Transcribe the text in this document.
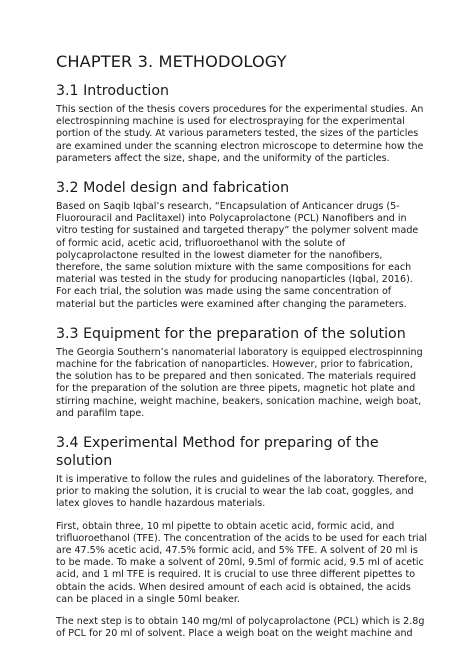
CHAPTER 3. METHODOLOGY
3.1 Introduction

This section of the thesis covers procedures for the experimental studies. An electrospinning machine is used for electrospraying for the experimental portion of the study. At various parameters tested, the sizes of the particles are examined under the scanning electron microscope to determine how the parameters affect the size, shape, and the uniformity of the particles.

3.2 Model design and fabrication

Based on Saqib Iqbal’s research, “Encapsulation of Anticancer drugs (5-Fluorouracil and Paclitaxel) into Polycaprolactone (PCL) Nanofibers and in vitro testing for sustained and targeted therapy” the polymer solvent made of formic acid, acetic acid, trifluoroethanol with the solute of polycaprolactone resulted in the lowest diameter for the nanofibers, therefore, the same solution mixture with the same compositions for each material was tested in the study for producing nanoparticles (Iqbal, 2016). For each trial, the solution was made using the same concentration of material but the particles were examined after changing the parameters.

3.3 Equipment for the preparation of the solution

The Georgia Southern’s nanomaterial laboratory is equipped electrospinning machine for the fabrication of nanoparticles. However, prior to fabrication, the solution has to be prepared and then sonicated. The materials required for the preparation of the solution are three pipets, magnetic hot plate and stirring machine, weight machine, beakers, sonication machine, weigh boat, and parafilm tape.

3.4 Experimental Method for preparing of the solution

It is imperative to follow the rules and guidelines of the laboratory. Therefore, prior to making the solution, it is crucial to wear the lab coat, goggles, and latex gloves to handle hazardous materials.

First, obtain three, 10 ml pipette to obtain acetic acid, formic acid, and trifluoroethanol (TFE). The concentration of the acids to be used for each trial are 47.5% acetic acid, 47.5% formic acid, and 5% TFE. A solvent of 20 ml is to be made. To make a solvent of 20ml, 9.5ml of formic acid, 9.5 ml of acetic acid, and 1 ml TFE is required. It is crucial to use three different pipettes to obtain the acids. When desired amount of each acid is obtained, the acids can be placed in a single 50ml beaker.

The next step is to obtain 140 mg/ml of polycaprolactone (PCL) which is 2.8g of PCL for 20 ml of solvent. Place a weigh boat on the weight machine and
